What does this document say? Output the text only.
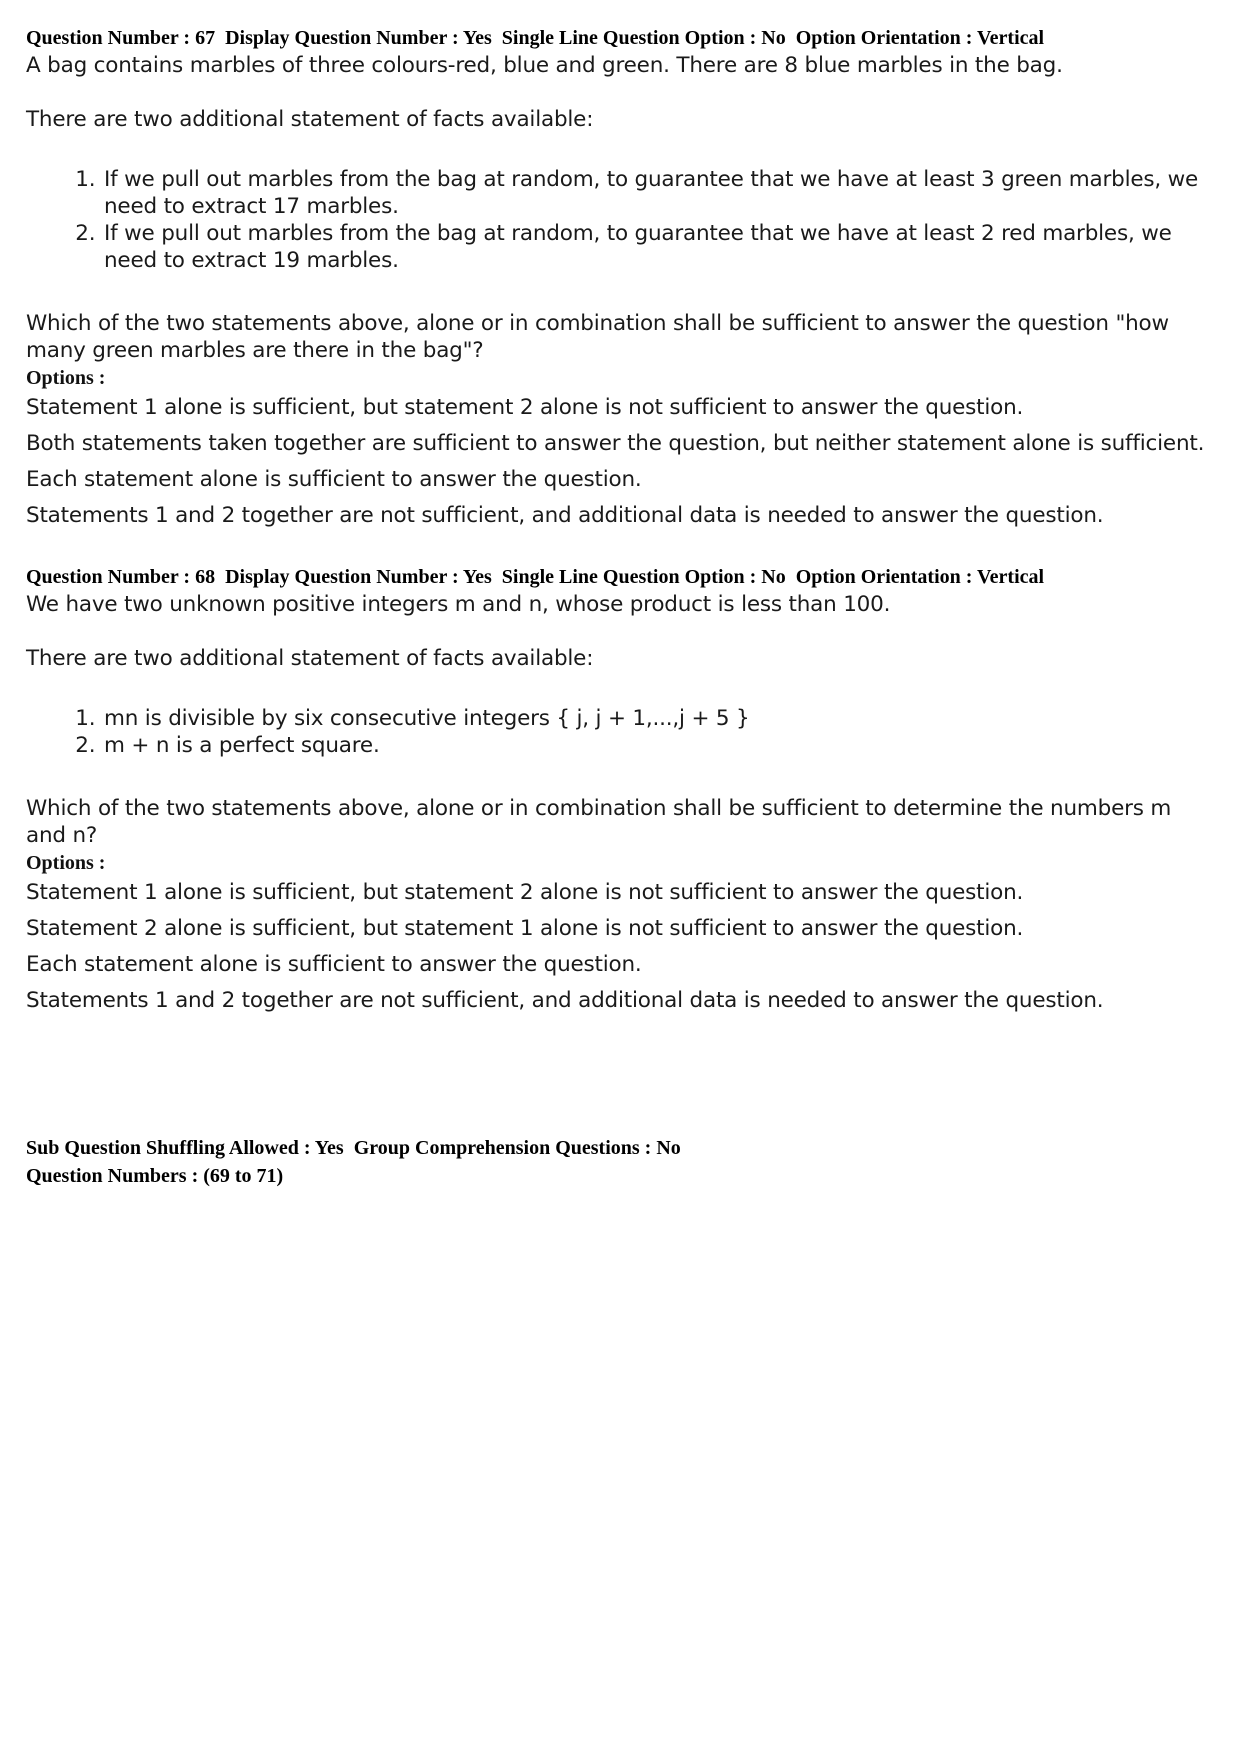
Question Number : 67 Display Question Number : Yes Single Line Question Option : No Option Orientation : Vertical

A bag contains marbles of three colours-red, blue and green. There are 8 blue marbles in the bag.

There are two additional statement of facts available:

1. If we pull out marbles from the bag at random, to guarantee that we have at least 3 green marbles, we need to extract 17 marbles.
2. If we pull out marbles from the bag at random, to guarantee that we have at least 2 red marbles, we need to extract 19 marbles.

Which of the two statements above, alone or in combination shall be sufficient to answer the question "how many green marbles are there in the bag"?

Options :
Statement 1 alone is sufficient, but statement 2 alone is not sufficient to answer the question.
Both statements taken together are sufficient to answer the question, but neither statement alone is sufficient.
Each statement alone is sufficient to answer the question.
Statements 1 and 2 together are not sufficient, and additional data is needed to answer the question.
Question Number : 68 Display Question Number : Yes Single Line Question Option : No Option Orientation : Vertical

We have two unknown positive integers m and n, whose product is less than 100.

There are two additional statement of facts available:

1. mn is divisible by six consecutive integers { j, j + 1,...,j + 5 }
2. m + n is a perfect square.

Which of the two statements above, alone or in combination shall be sufficient to determine the numbers m and n?

Options :
Statement 1 alone is sufficient, but statement 2 alone is not sufficient to answer the question.
Statement 2 alone is sufficient, but statement 1 alone is not sufficient to answer the question.
Each statement alone is sufficient to answer the question.
Statements 1 and 2 together are not sufficient, and additional data is needed to answer the question.
Sub Question Shuffling Allowed : Yes Group Comprehension Questions : No
Question Numbers : (69 to 71)
